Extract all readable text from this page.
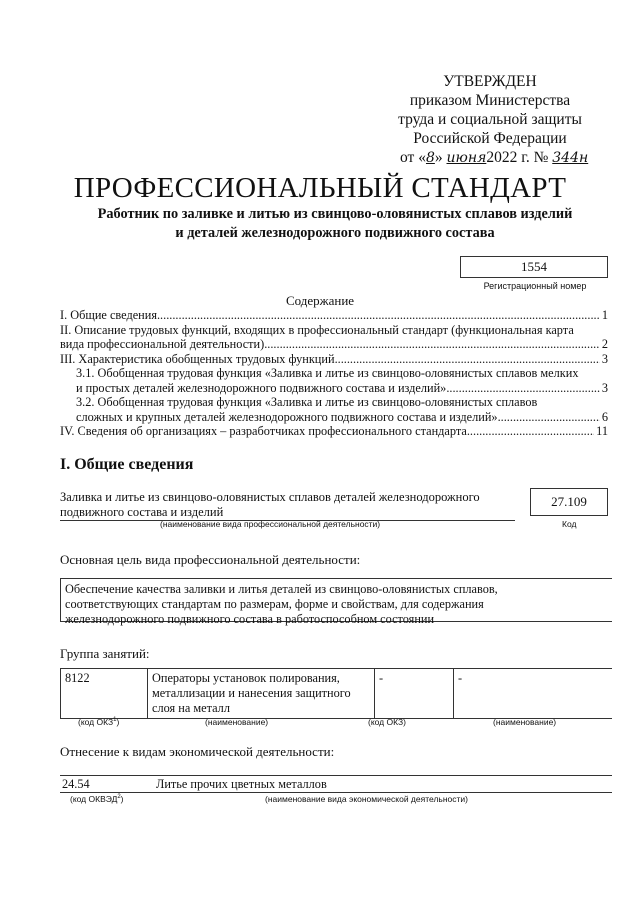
УТВЕРЖДЕН
приказом Министерства
труда и социальной защиты
Российской Федерации
от «8» июня2022 г. № 344н
ПРОФЕССИОНАЛЬНЫЙ СТАНДАРТ
Работник по заливке и литью из свинцово-оловянистых сплавов изделий
и деталей железнодорожного подвижного состава
1554
Регистрационный номер
Содержание
I. Общие сведения .....	1
II. Описание трудовых функций, входящих в профессиональный стандарт (функциональная карта
вида профессиональной деятельности) .....	2
III. Характеристика обобщенных трудовых функций .....	3
3.1. Обобщенная трудовая функция «Заливка и литье из свинцово-оловянистых сплавов мелких
и простых деталей железнодорожного подвижного состава и изделий» .....	3
3.2. Обобщенная трудовая функция «Заливка и литье из свинцово-оловянистых сплавов
сложных и крупных деталей железнодорожного подвижного состава и изделий» .....	6
IV. Сведения об организациях – разработчиках профессионального стандарта .....	11
I. Общие сведения
Заливка и литье из свинцово-оловянистых сплавов деталей железнодорожного
подвижного состава и изделий
27.109
(наименование вида профессиональной деятельности)	Код
Основная цель вида профессиональной деятельности:
Обеспечение качества заливки и литья деталей из свинцово-оловянистых сплавов,
соответствующих стандартам по размерам, форме и свойствам, для содержания
железнодорожного подвижного состава в работоспособном состоянии
Группа занятий:
8122	Операторы установок полирования,
металлизации и нанесения защитного
слоя на металл
	-	-
(код ОКЗ$^1$)	(наименование)	(код ОКЗ)	(наименование)
Отнесение к видам экономической деятельности:
24.54	Литье прочих цветных металлов
(код ОКВЭД$^2$)	(наименование вида экономической деятельности)
